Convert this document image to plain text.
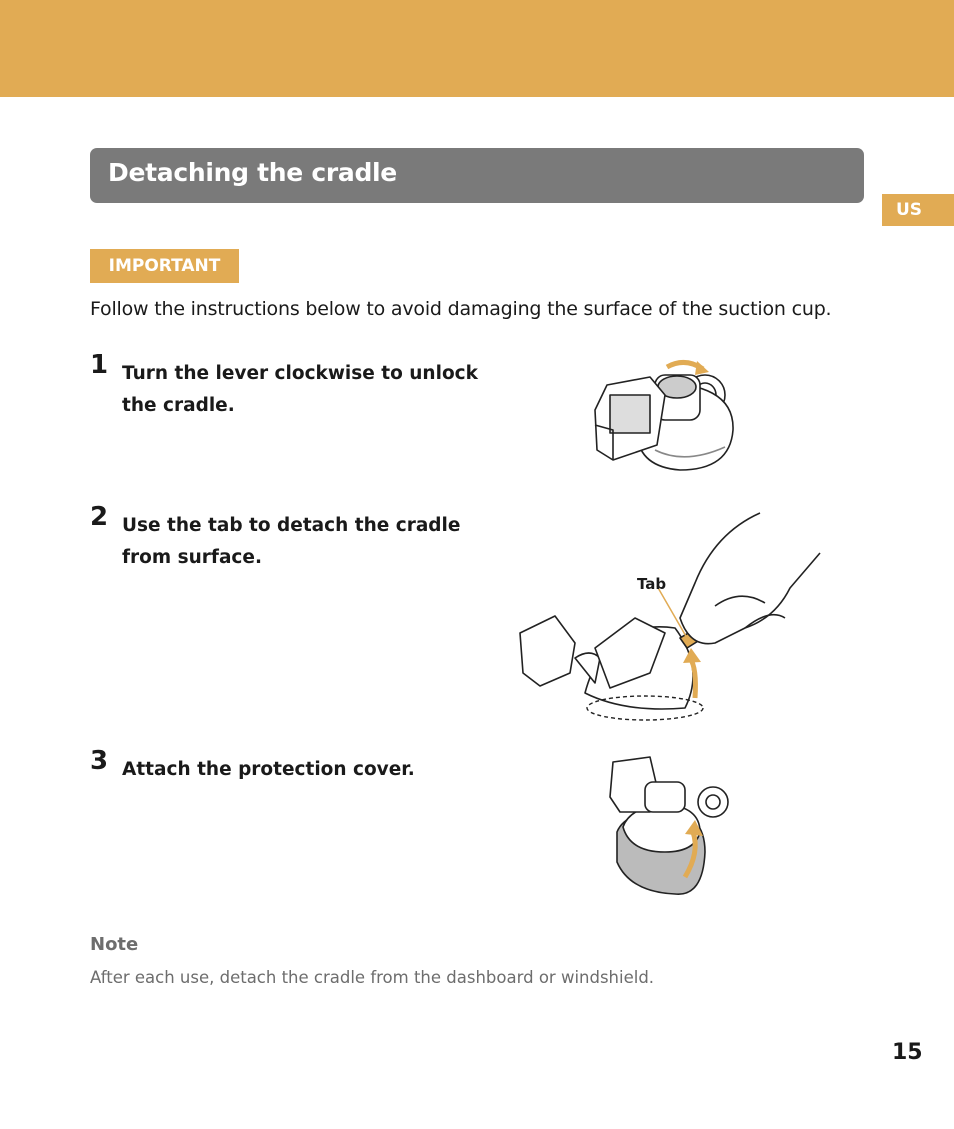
Detaching the cradle
US
IMPORTANT

Follow the instructions below to avoid damaging the surface of the suction cup.

1 Turn the lever clockwise to unlock
the cradle.

2 Use the tab to detach the cradle
from surface.

Tab
3 Attach the protection cover.

Note

After each use, detach the cradle from the dashboard or windshield.

15
